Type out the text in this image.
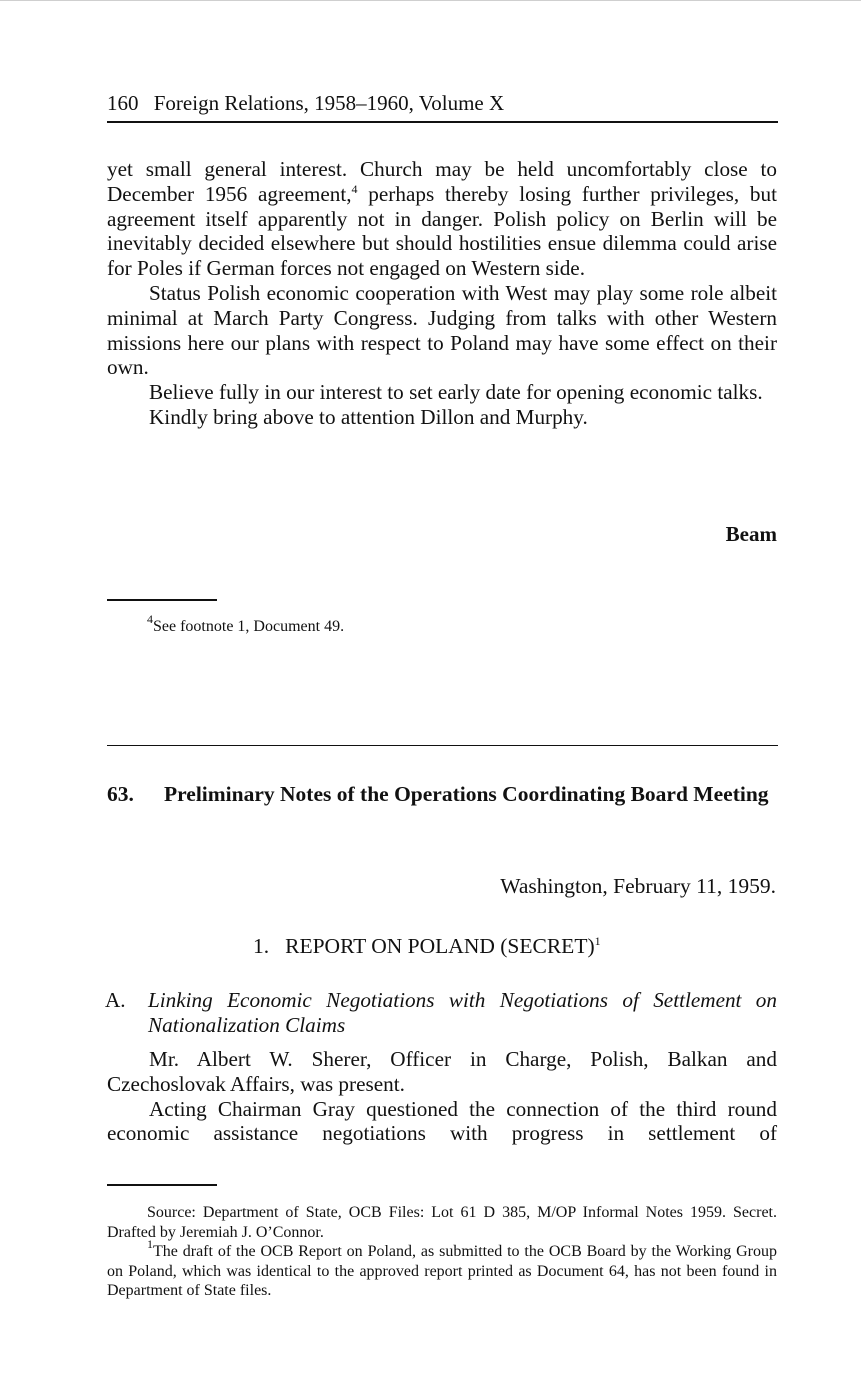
160 Foreign Relations, 1958–1960, Volume X

yet small general interest. Church may be held uncomfortably close to December 1956 agreement,$^4$ perhaps thereby losing further privileges, but agreement itself apparently not in danger. Polish policy on Berlin will be inevitably decided elsewhere but should hostilities ensue dilemma could arise for Poles if German forces not engaged on Western side.

Status Polish economic cooperation with West may play some role albeit minimal at March Party Congress. Judging from talks with other Western missions here our plans with respect to Poland may have some effect on their own.

Believe fully in our interest to set early date for opening economic talks.

Kindly bring above to attention Dillon and Murphy.

Beam
$^4$See footnote 1, Document 49.
63. Preliminary Notes of the Operations Coordinating Board Meeting
Washington, February 11, 1959.
1. REPORT ON POLAND (SECRET)$^1$
A. Linking Economic Negotiations with Negotiations of Settlement on Nationalization Claims

Mr. Albert W. Sherer, Officer in Charge, Polish, Balkan and Czechoslovak Affairs, was present.

Acting Chairman Gray questioned the connection of the third round economic assistance negotiations with progress in settlement of

Source: Department of State, OCB Files: Lot 61 D 385, M/OP Informal Notes 1959. Secret. Drafted by Jeremiah J. O’Connor.
$^1$The draft of the OCB Report on Poland, as submitted to the OCB Board by the Working Group on Poland, which was identical to the approved report printed as Document 64, has not been found in Department of State files.
